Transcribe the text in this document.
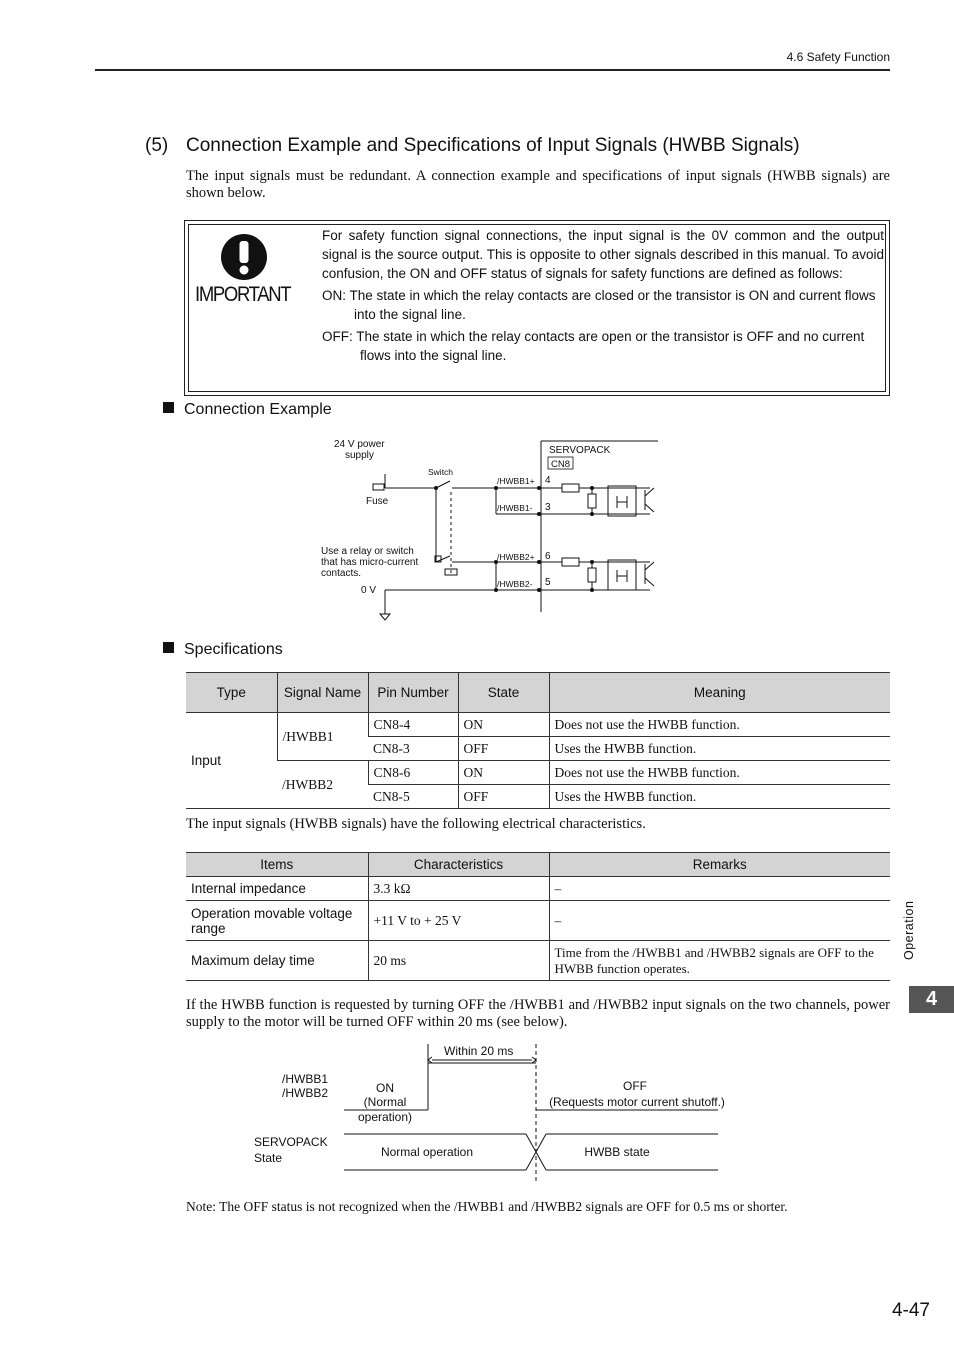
4.6 Safety Function
(5) Connection Example and Specifications of Input Signals (HWBB Signals)
The input signals must be redundant. A connection example and specifications of input signals (HWBB signals) are shown below.
IMPORTANT

For safety function signal connections, the input signal is the 0V common and the output signal is the source output. This is opposite to other signals described in this manual. To avoid confusion, the ON and OFF status of signals for safety functions are defined as follows:

ON: The state in which the relay contacts are closed or the transistor is ON and current flows into the signal line.

OFF: The state in which the relay contacts are open or the transistor is OFF and no current flows into the signal line.

Connection Example
24 V power
supply
Switch
Fuse
Use a relay or switch
that has micro-current
contacts.
0 V
SERVOPACK
CN8
/HWBB1+
/HWBB1-
/HWBB2+
/HWBB2-
4
3
6
5
Specifications
Type	Signal Name	Pin Number	State	Meaning
Input	/HWBB1	CN8-4	ON	Does not use the HWBB function.
		CN8-3	OFF	Uses the HWBB function.
	/HWBB2	CN8-6	ON	Does not use the HWBB function.
		CN8-5	OFF	Uses the HWBB function.
The input signals (HWBB signals) have the following electrical characteristics.
Items	Characteristics	Remarks
Internal impedance	3.3 kΩ	–
Operation movable voltage range	+11 V to + 25 V	–
Maximum delay time	20 ms	Time from the /HWBB1 and /HWBB2 signals are OFF to the HWBB function operates.
If the HWBB function is requested by turning OFF the /HWBB1 and /HWBB2 input signals on the two channels, power supply to the motor will be turned OFF within 20 ms (see below).
Within 20 ms
/HWBB1
/HWBB2	ON
(Normal
operation)
OFF
(Requests motor current shutoff.)
SERVOPACK
State	Normal operation	HWBB state
Note: The OFF status is not recognized when the /HWBB1 and /HWBB2 signals are OFF for 0.5 ms or shorter.
Operation
4
4-47
